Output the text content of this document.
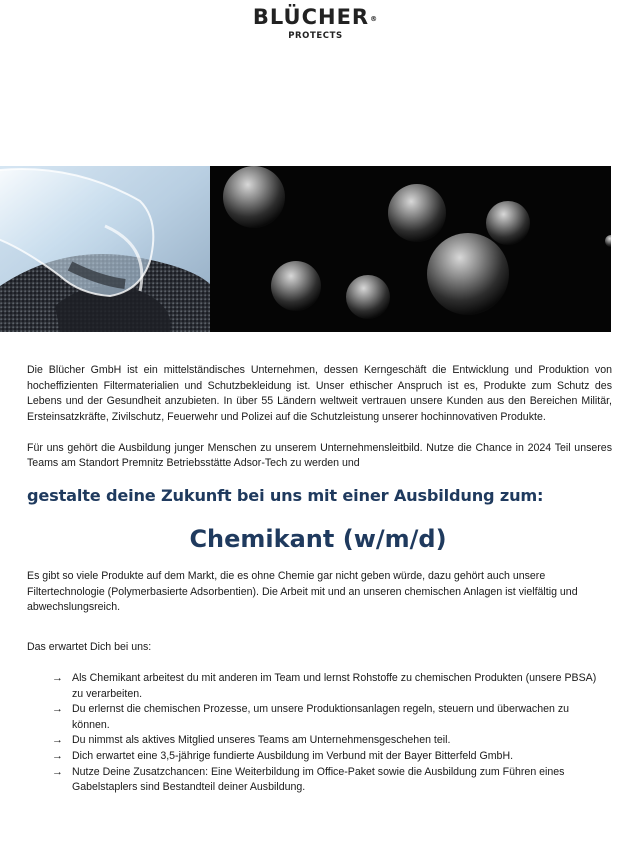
BLÜCHER®
PROTECTS

Die Blücher GmbH ist ein mittelständisches Unternehmen, dessen Kerngeschäft die Entwicklung und Produktion von hocheffizienten Filtermaterialien und Schutzbekleidung ist. Unser ethischer Anspruch ist es, Produkte zum Schutz des Lebens und der Gesundheit anzubieten. In über 55 Ländern weltweit vertrauen unsere Kunden aus den Bereichen Militär, Ersteinsatzkräfte, Zivilschutz, Feuerwehr und Polizei auf die Schutzleistung unserer hochinnovativen Produkte.

Für uns gehört die Ausbildung junger Menschen zu unserem Unternehmensleitbild. Nutze die Chance in 2024 Teil unseres Teams am Standort Premnitz Betriebsstätte Adsor-Tech zu werden und

gestalte deine Zukunft bei uns mit einer Ausbildung zum:
Chemikant (w/m/d)
Es gibt so viele Produkte auf dem Markt, die es ohne Chemie gar nicht geben würde, dazu gehört auch unsere Filtertechnologie (Polymerbasierte Adsorbentien). Die Arbeit mit und an unseren chemischen Anlagen ist vielfältig und abwechslungsreich.
Das erwartet Dich bei uns:
→ Als Chemikant arbeitest du mit anderen im Team und lernst Rohstoffe zu chemischen Produkten (unsere PBSA) zu verarbeiten.
→ Du erlernst die chemischen Prozesse, um unsere Produktionsanlagen regeln, steuern und überwachen zu können.
→ Du nimmst als aktives Mitglied unseres Teams am Unternehmensgeschehen teil.
→ Dich erwartet eine 3,5-jährige fundierte Ausbildung im Verbund mit der Bayer Bitterfeld GmbH.
→ Nutze Deine Zusatzchancen: Eine Weiterbildung im Office-Paket sowie die Ausbildung zum Führen eines Gabelstaplers sind Bestandteil deiner Ausbildung.
